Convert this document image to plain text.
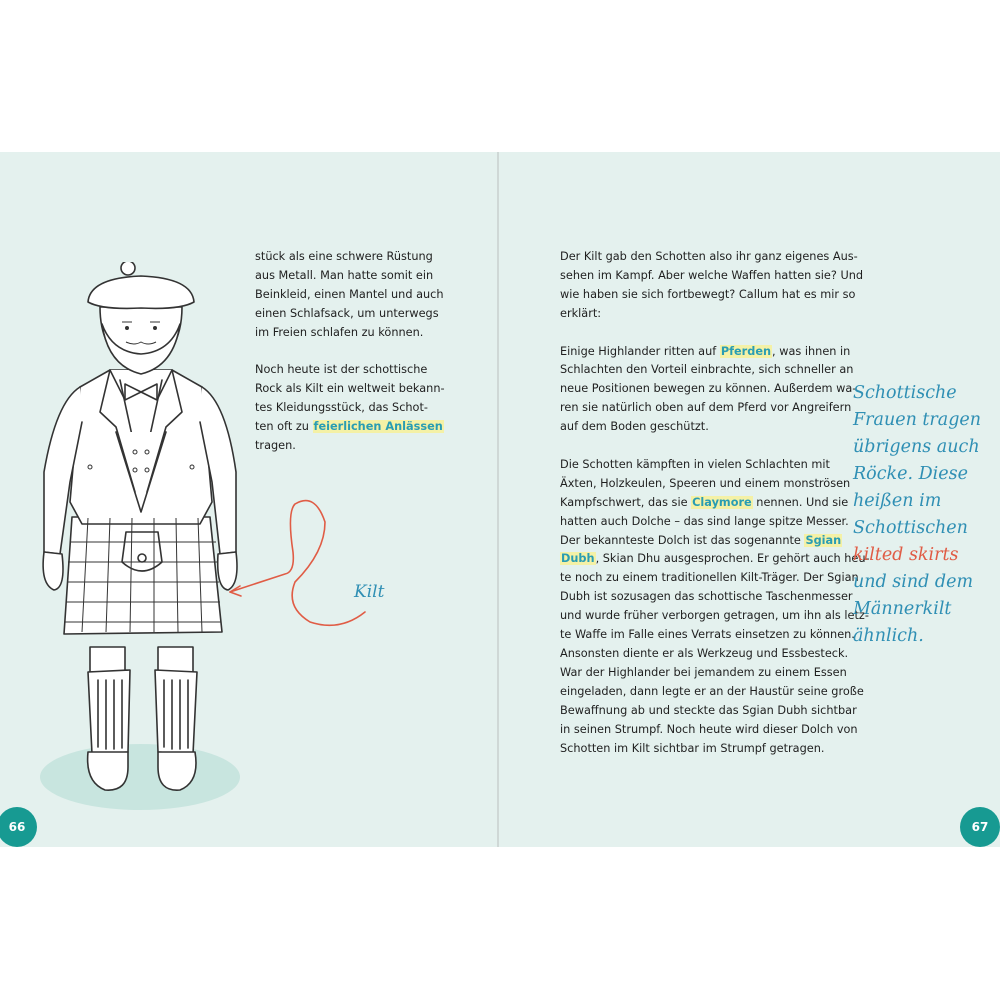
Kilt

stück als eine schwere Rüstung
aus Metall. Man hatte somit ein
Beinkleid, einen Mantel und auch
einen Schlafsack, um unterwegs
im Freien schlafen zu können.

Noch heute ist der schottische
Rock als Kilt ein weltweit bekann-
tes Kleidungsstück, das Schot-
ten oft zu feierlichen Anlässen
tragen.

Der Kilt gab den Schotten also ihr ganz eigenes Aus-
sehen im Kampf. Aber welche Waffen hatten sie? Und
wie haben sie sich fortbewegt? Callum hat es mir so
erklärt:

Einige Highlander ritten auf Pferden, was ihnen in
Schlachten den Vorteil einbrachte, sich schneller an
neue Positionen bewegen zu können. Außerdem wa-
ren sie natürlich oben auf dem Pferd vor Angreifern
auf dem Boden geschützt.

Die Schotten kämpften in vielen Schlachten mit
Äxten, Holzkeulen, Speeren und einem monströsen
Kampfschwert, das sie Claymore nennen. Und sie
hatten auch Dolche – das sind lange spitze Messer.
Der bekannteste Dolch ist das sogenannte Sgian
Dubh, Skian Dhu ausgesprochen. Er gehört auch heu-
te noch zu einem traditionellen Kilt-Träger. Der Sgian
Dubh ist sozusagen das schottische Taschenmesser
und wurde früher verborgen getragen, um ihn als letz-
te Waffe im Falle eines Verrats einsetzen zu können.
Ansonsten diente er als Werkzeug und Essbesteck.
War der Highlander bei jemandem zu einem Essen
eingeladen, dann legte er an der Haustür seine große
Bewaffnung ab und steckte das Sgian Dubh sichtbar
in seinen Strumpf. Noch heute wird dieser Dolch von
Schotten im Kilt sichtbar im Strumpf getragen.

Schottische
Frauen tragen
übrigens auch
Röcke. Diese
heißen im
Schottischen
kilted skirts
und sind dem
Männerkilt
ähnlich.
66	67
